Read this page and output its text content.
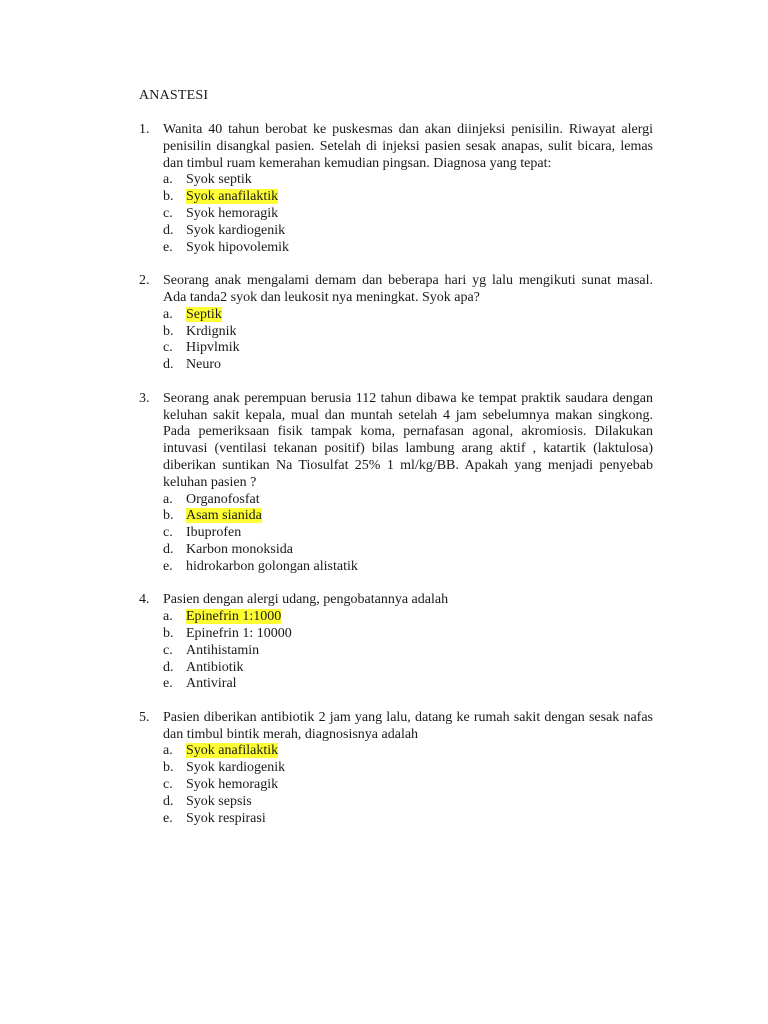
ANASTESI
1. Wanita 40 tahun berobat ke puskesmas dan akan diinjeksi penisilin. Riwayat alergi penisilin disangkal pasien. Setelah di injeksi pasien sesak anapas, sulit bicara, lemas dan timbul ruam kemerahan kemudian pingsan. Diagnosa yang tepat:

a. Syok septik
b. Syok anafilaktik
c. Syok hemoragik
d. Syok kardiogenik
e. Syok hipovolemik
2. Seorang anak mengalami demam dan beberapa hari yg lalu mengikuti sunat masal. Ada tanda2 syok dan leukosit nya meningkat. Syok apa?

a. Septik
b. Krdignik
c. Hipvlmik
d. Neuro
3. Seorang anak perempuan berusia 112 tahun dibawa ke tempat praktik saudara dengan keluhan sakit kepala, mual dan muntah setelah 4 jam sebelumnya makan singkong. Pada pemeriksaan fisik tampak koma, pernafasan agonal, akromiosis. Dilakukan intuvasi (ventilasi tekanan positif) bilas lambung arang aktif , katartik (laktulosa) diberikan suntikan Na Tiosulfat 25% 1 ml/kg/BB. Apakah yang menjadi penyebab keluhan pasien ?

a. Organofosfat
b. Asam sianida
c. Ibuprofen
d. Karbon monoksida
e. hidrokarbon golongan alistatik
4. Pasien dengan alergi udang, pengobatannya adalah

a. Epinefrin 1:1000
b. Epinefrin 1: 10000
c. Antihistamin
d. Antibiotik
e. Antiviral
5. Pasien diberikan antibiotik 2 jam yang lalu, datang ke rumah sakit dengan sesak nafas dan timbul bintik merah, diagnosisnya adalah

a. Syok anafilaktik
b. Syok kardiogenik
c. Syok hemoragik
d. Syok sepsis
e. Syok respirasi
